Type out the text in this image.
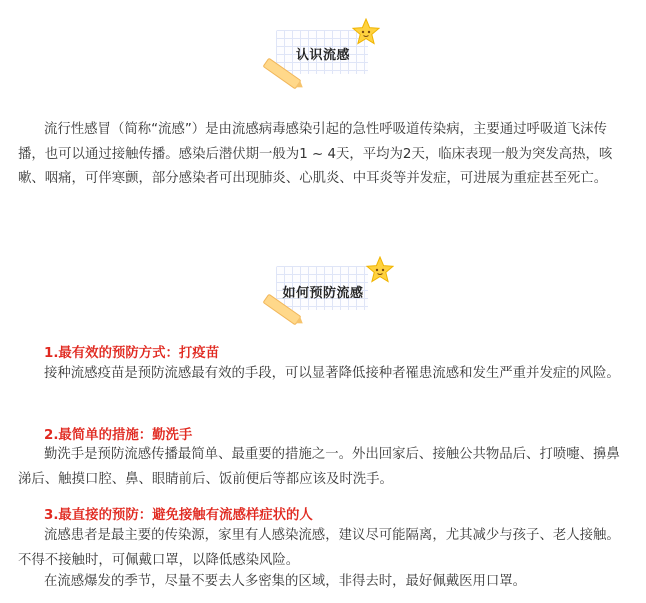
认识流感

流行性感冒（简称“流感”）是由流感病毒感染引起的急性呼吸道传染病，主要通过呼吸道飞沫传播，也可以通过接触传播。感染后潜伏期一般为1 ~ 4天，平均为2天，临床表现一般为突发高热，咳嗽、咽痛，可伴寒颤，部分感染者可出现肺炎、心肌炎、中耳炎等并发症，可进展为重症甚至死亡。

如何预防流感
1.最有效的预防方式：打疫苗

接种流感疫苗是预防流感最有效的手段，可以显著降低接种者罹患流感和发生严重并发症的风险。

2.最简单的措施：勤洗手

勤洗手是预防流感传播最简单、最重要的措施之一。外出回家后、接触公共物品后、打喷嚏、擤鼻涕后、触摸口腔、鼻、眼睛前后、饭前便后等都应该及时洗手。

3.最直接的预防：避免接触有流感样症状的人

流感患者是最主要的传染源，家里有人感染流感，建议尽可能隔离，尤其减少与孩子、老人接触。不得不接触时，可佩戴口罩，以降低感染风险。

在流感爆发的季节，尽量不要去人多密集的区域，非得去时，最好佩戴医用口罩。
